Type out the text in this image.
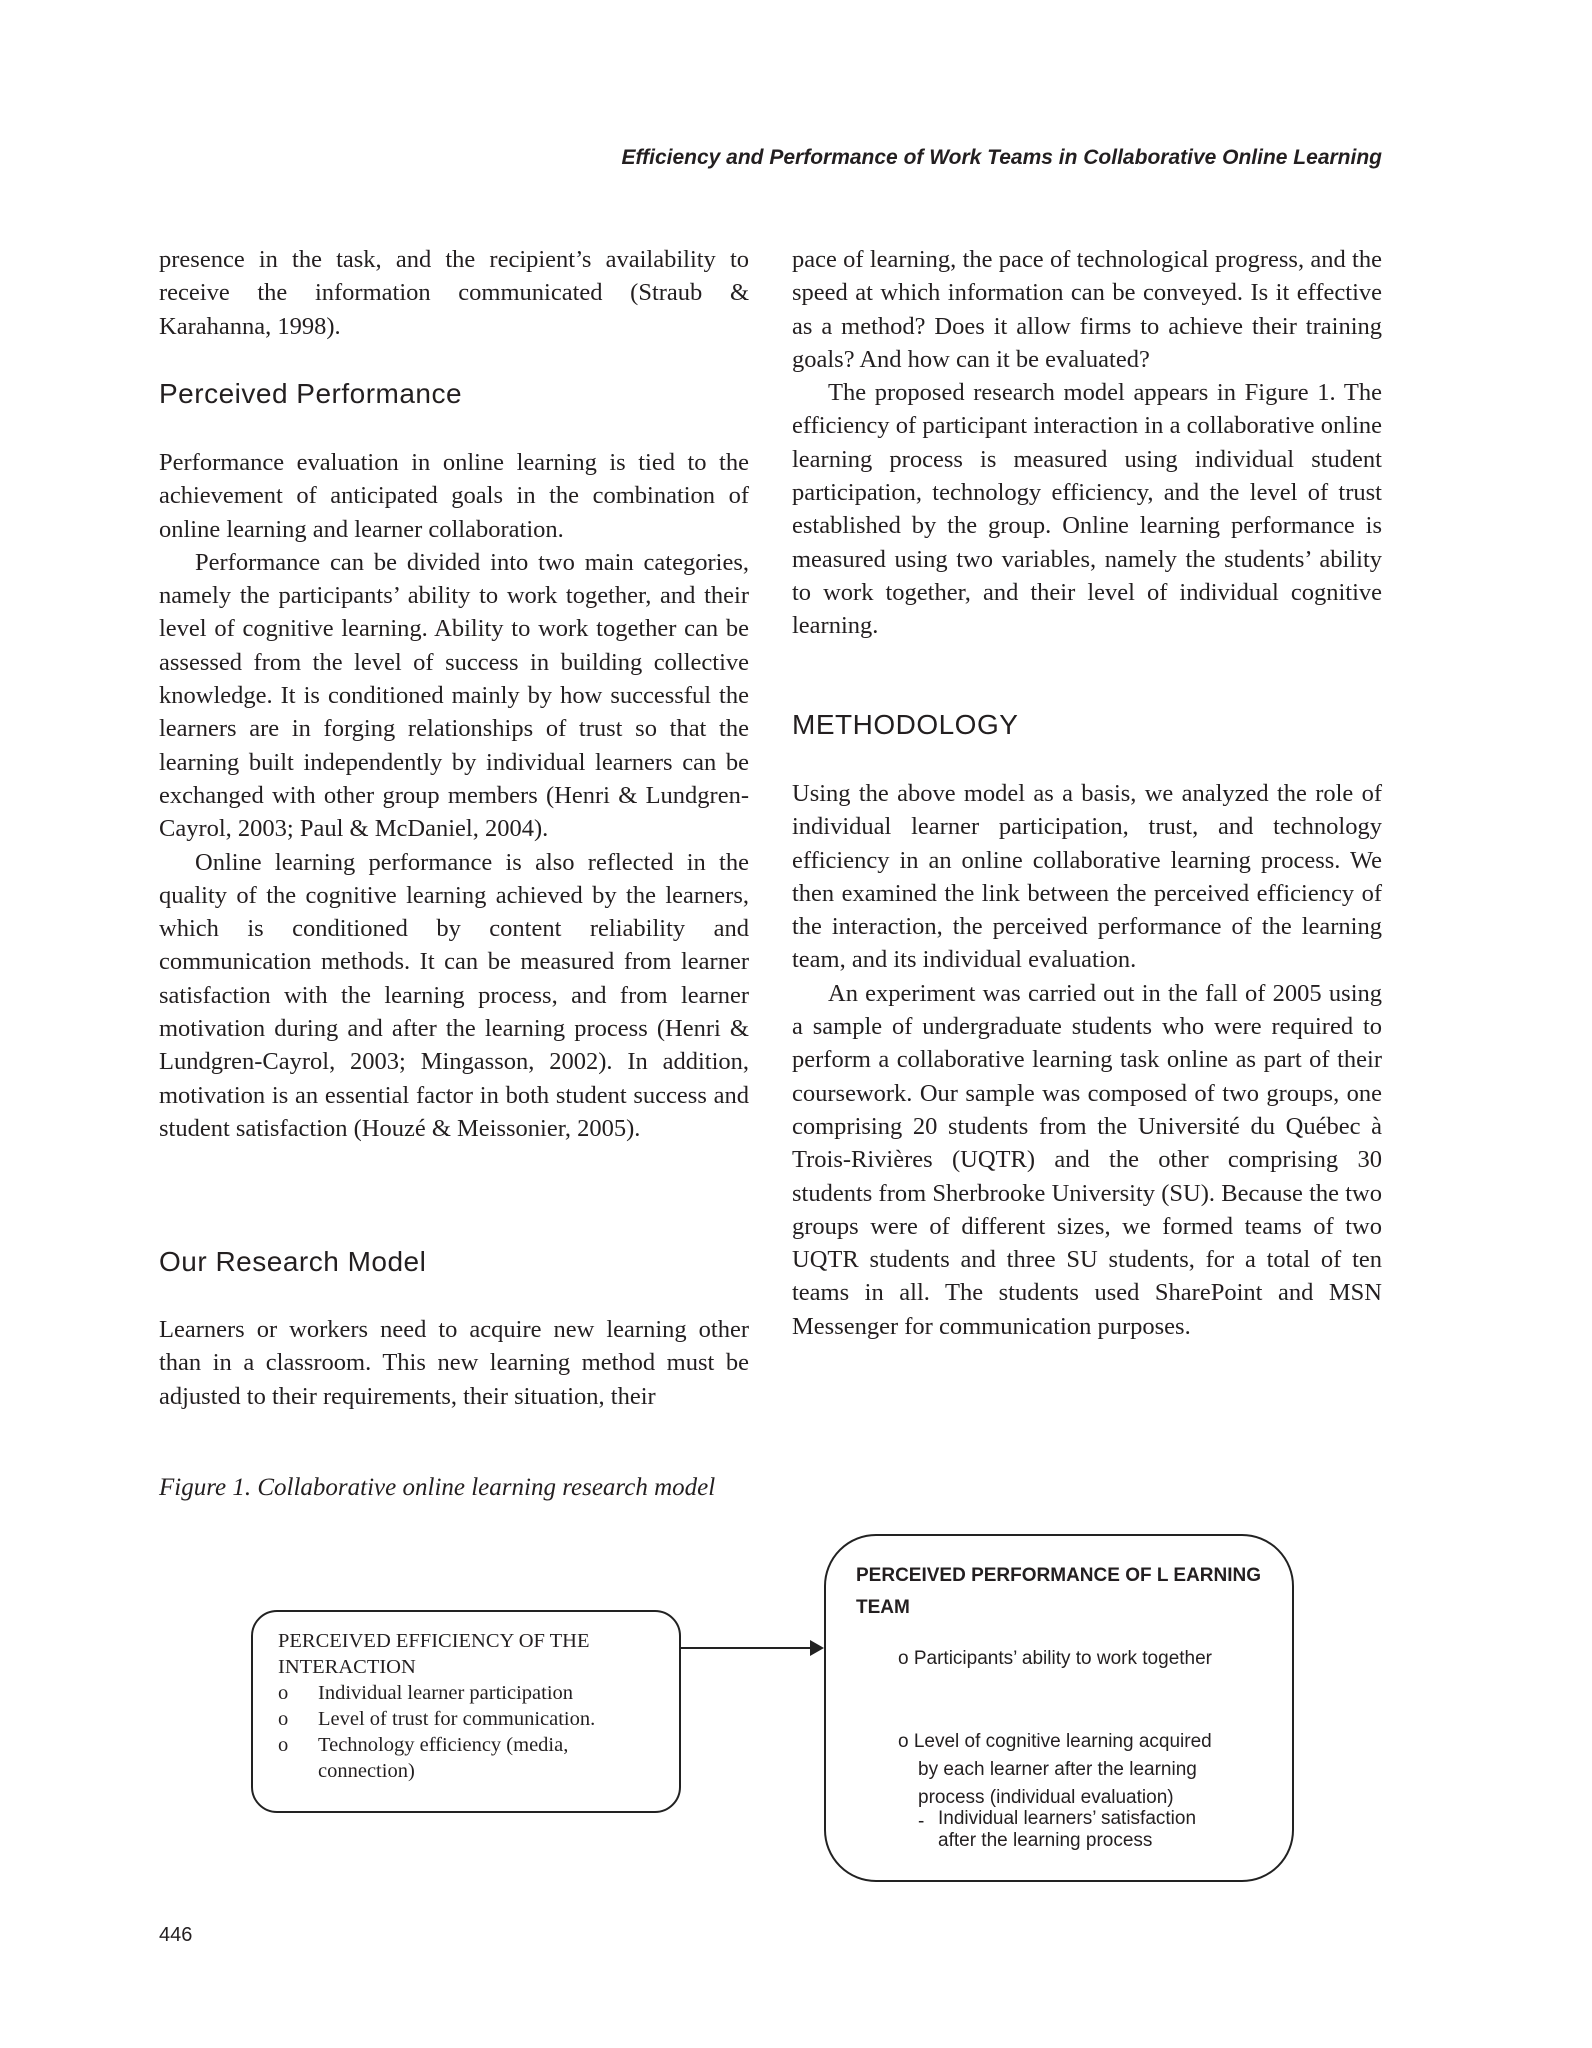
Efficiency and Performance of Work Teams in Collaborative Online Learning

presence in the task, and the recipient’s availability to receive the information communicated (Straub & Karahanna, 1998).

Perceived Performance

Performance evaluation in online learning is tied to the achievement of anticipated goals in the combination of online learning and learner collaboration.

Performance can be divided into two main categories, namely the participants’ ability to work together, and their level of cognitive learning. Ability to work together can be assessed from the level of success in building collective knowledge. It is conditioned mainly by how successful the learners are in forging relationships of trust so that the learning built independently by individual learners can be exchanged with other group members (Henri & Lundgren-Cayrol, 2003; Paul & McDaniel, 2004).

Online learning performance is also reflected in the quality of the cognitive learning achieved by the learners, which is conditioned by content reliability and communication methods. It can be measured from learner satisfaction with the learning process, and from learner motivation during and after the learning process (Henri & Lundgren-Cayrol, 2003; Mingasson, 2002). In addition, motivation is an essential factor in both student success and student satisfaction (Houzé & Meissonier, 2005).

Our Research Model

Learners or workers need to acquire new learning other than in a classroom. This new learning method must be adjusted to their requirements, their situation, their

pace of learning, the pace of technological progress, and the speed at which information can be conveyed. Is it effective as a method? Does it allow firms to achieve their training goals? And how can it be evaluated?

The proposed research model appears in Figure 1. The efficiency of participant interaction in a collaborative online learning process is measured using individual student participation, technology efficiency, and the level of trust established by the group. Online learning performance is measured using two variables, namely the students’ ability to work together, and their level of individual cognitive learning.

METHODOLOGY

Using the above model as a basis, we analyzed the role of individual learner participation, trust, and technology efficiency in an online collaborative learning process. We then examined the link between the perceived efficiency of the interaction, the perceived performance of the learning team, and its individual evaluation.

An experiment was carried out in the fall of 2005 using a sample of undergraduate students who were required to perform a collaborative learning task online as part of their coursework. Our sample was composed of two groups, one comprising 20 students from the Université du Québec à Trois-Rivières (UQTR) and the other comprising 30 students from Sherbrooke University (SU). Because the two groups were of different sizes, we formed teams of two UQTR students and three SU students, for a total of ten teams in all. The students used SharePoint and MSN Messenger for communication purposes.

Figure 1. Collaborative online learning research model
PERCEIVED EFFICIENCY OF THE INTERACTION
o	Individual learner participation
o	Level of trust for communication.
o	Technology efficiency (media, connection)
PERCEIVED PERFORMANCE OF L EARNING TEAM
o Participants’ ability to work together
o Level of cognitive learning acquired
by each learner after the learning
process (individual evaluation)
- Individual learners’ satisfaction
after the learning process
446
